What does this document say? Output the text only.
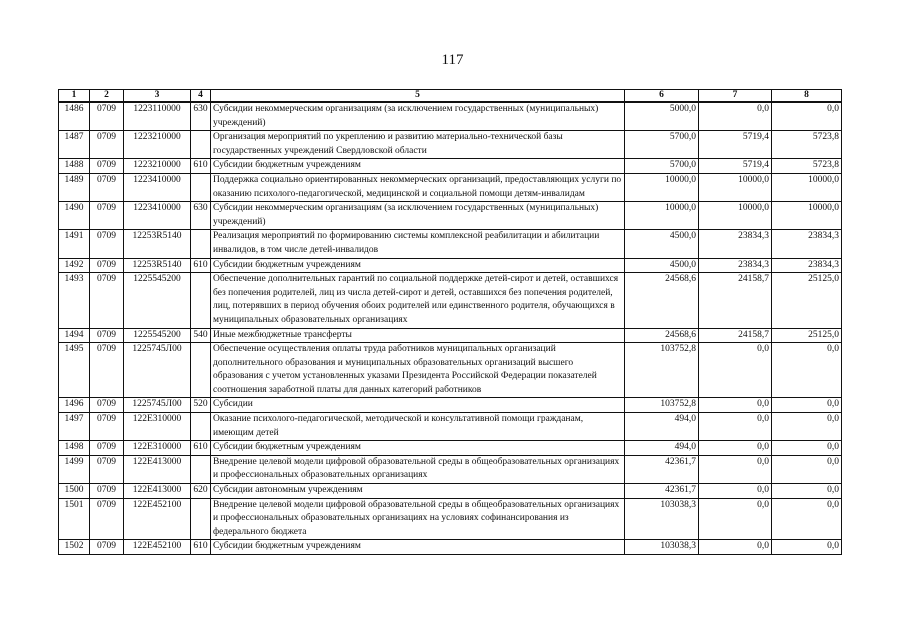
117
1	2	3	4	5	6	7	8
1486	0709	1223110000	630	Субсидии некоммерческим организациям (за исключением государственных (муниципальных) учреждений)	5000,0	0,0	0,0
1487	0709	1223210000		Организация мероприятий по укреплению и развитию материально-технической базы государственных учреждений Свердловской области	5700,0	5719,4	5723,8
1488	0709	1223210000	610	Субсидии бюджетным учреждениям	5700,0	5719,4	5723,8
1489	0709	1223410000		Поддержка социально ориентированных некоммерческих организаций, предоставляющих услуги по оказанию психолого-педагогической, медицинской и социальной помощи детям-инвалидам	10000,0	10000,0	10000,0
1490	0709	1223410000	630	Субсидии некоммерческим организациям (за исключением государственных (муниципальных) учреждений)	10000,0	10000,0	10000,0
1491	0709	12253R5140		Реализация мероприятий по формированию системы комплексной реабилитации и абилитации инвалидов, в том числе детей-инвалидов	4500,0	23834,3	23834,3
1492	0709	12253R5140	610	Субсидии бюджетным учреждениям	4500,0	23834,3	23834,3
1493	0709	1225545200		Обеспечение дополнительных гарантий по социальной поддержке детей-сирот и детей, оставшихся без попечения родителей, лиц из числа детей-сирот и детей, оставшихся без попечения родителей, лиц, потерявших в период обучения обоих родителей или единственного родителя, обучающихся в муниципальных образовательных организациях	24568,6	24158,7	25125,0
1494	0709	1225545200	540	Иные межбюджетные трансферты	24568,6	24158,7	25125,0
1495	0709	1225745Л00		Обеспечение осуществления оплаты труда работников муниципальных организаций дополнительного образования и муниципальных образовательных организаций высшего образования с учетом установленных указами Президента Российской Федерации показателей соотношения заработной платы для данных категорий работников	103752,8	0,0	0,0
1496	0709	1225745Л00	520	Субсидии	103752,8	0,0	0,0
1497	0709	122Е310000		Оказание психолого-педагогической, методической и консультативной помощи гражданам, имеющим детей	494,0	0,0	0,0
1498	0709	122Е310000	610	Субсидии бюджетным учреждениям	494,0	0,0	0,0
1499	0709	122Е413000		Внедрение целевой модели цифровой образовательной среды в общеобразовательных организациях и профессиональных образовательных организациях	42361,7	0,0	0,0
1500	0709	122Е413000	620	Субсидии автономным учреждениям	42361,7	0,0	0,0
1501	0709	122Е452100		Внедрение целевой модели цифровой образовательной среды в общеобразовательных организациях и профессиональных образовательных организациях на условиях софинансирования из федерального бюджета	103038,3	0,0	0,0
1502	0709	122Е452100	610	Субсидии бюджетным учреждениям	103038,3	0,0	0,0
